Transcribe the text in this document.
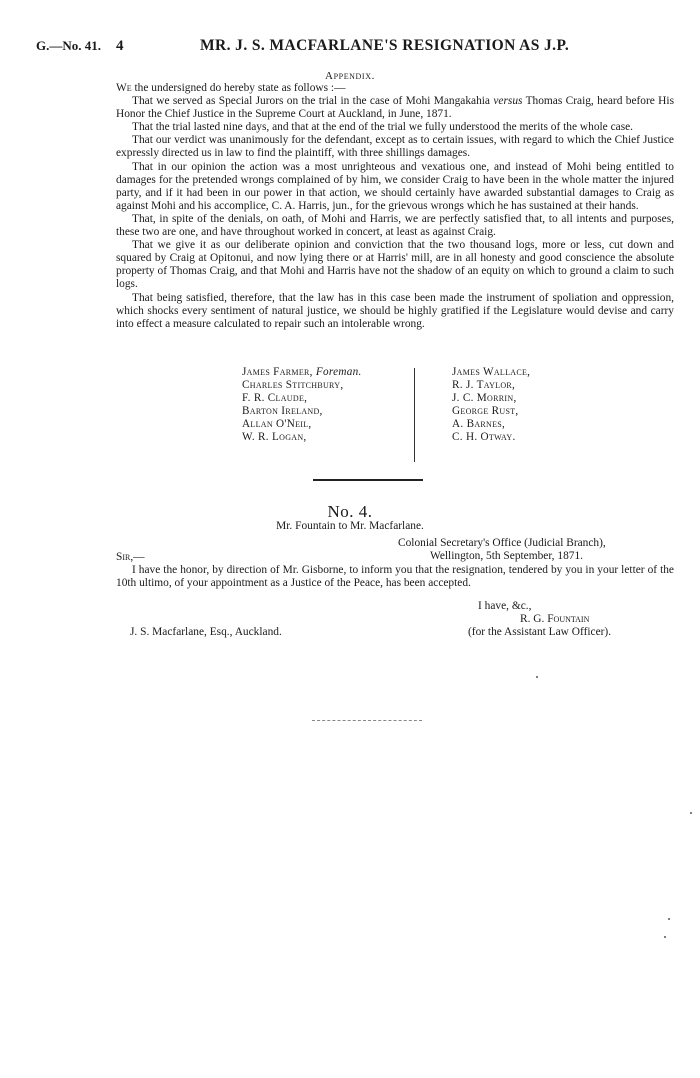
G.—No. 41. 4	MR. J. S. MACFARLANE'S RESIGNATION AS J.P.
Appendix.

We the undersigned do hereby state as follows :—

That we served as Special Jurors on the trial in the case of Mohi Mangakahia versus Thomas Craig, heard before His Honor the Chief Justice in the Supreme Court at Auckland, in June, 1871.

That the trial lasted nine days, and that at the end of the trial we fully understood the merits of the whole case.

That our verdict was unanimously for the defendant, except as to certain issues, with regard to which the Chief Justice expressly directed us in law to find the plaintiff, with three shillings damages.

That in our opinion the action was a most unrighteous and vexatious one, and instead of Mohi being entitled to damages for the pretended wrongs complained of by him, we consider Craig to have been in the whole matter the injured party, and if it had been in our power in that action, we should certainly have awarded substantial damages to Craig as against Mohi and his accomplice, C. A. Harris, jun., for the grievous wrongs which he has sustained at their hands.

That, in spite of the denials, on oath, of Mohi and Harris, we are perfectly satisfied that, to all intents and purposes, these two are one, and have throughout worked in concert, at least as against Craig.

That we give it as our deliberate opinion and conviction that the two thousand logs, more or less, cut down and squared by Craig at Opitonui, and now lying there or at Harris' mill, are in all honesty and good conscience the absolute property of Thomas Craig, and that Mohi and Harris have not the shadow of an equity on which to ground a claim to such logs.

That being satisfied, therefore, that the law has in this case been made the instrument of spoliation and oppression, which shocks every sentiment of natural justice, we should be highly gratified if the Legislature would devise and carry into effect a measure calculated to repair such an intolerable wrong.

James Farmer, Foreman.
Charles Stitchbury,
F. R. Claude,
Barton Ireland,
Allan O'Neil,
W. R. Logan,
James Wallace,
R. J. Taylor,
J. C. Morrin,
George Rust,
A. Barnes,
C. H. Otway.
No. 4.
Mr. Fountain to Mr. Macfarlane.
Colonial Secretary's Office (Judicial Branch),
Wellington, 5th September, 1871.
Sir,—
I have the honor, by direction of Mr. Gisborne, to inform you that the resignation, tendered by you in your letter of the 10th ultimo, of your appointment as a Justice of the Peace, has been accepted.
I have, &c.,
R. G. Fountain
(for the Assistant Law Officer).
J. S. Macfarlane, Esq., Auckland.
